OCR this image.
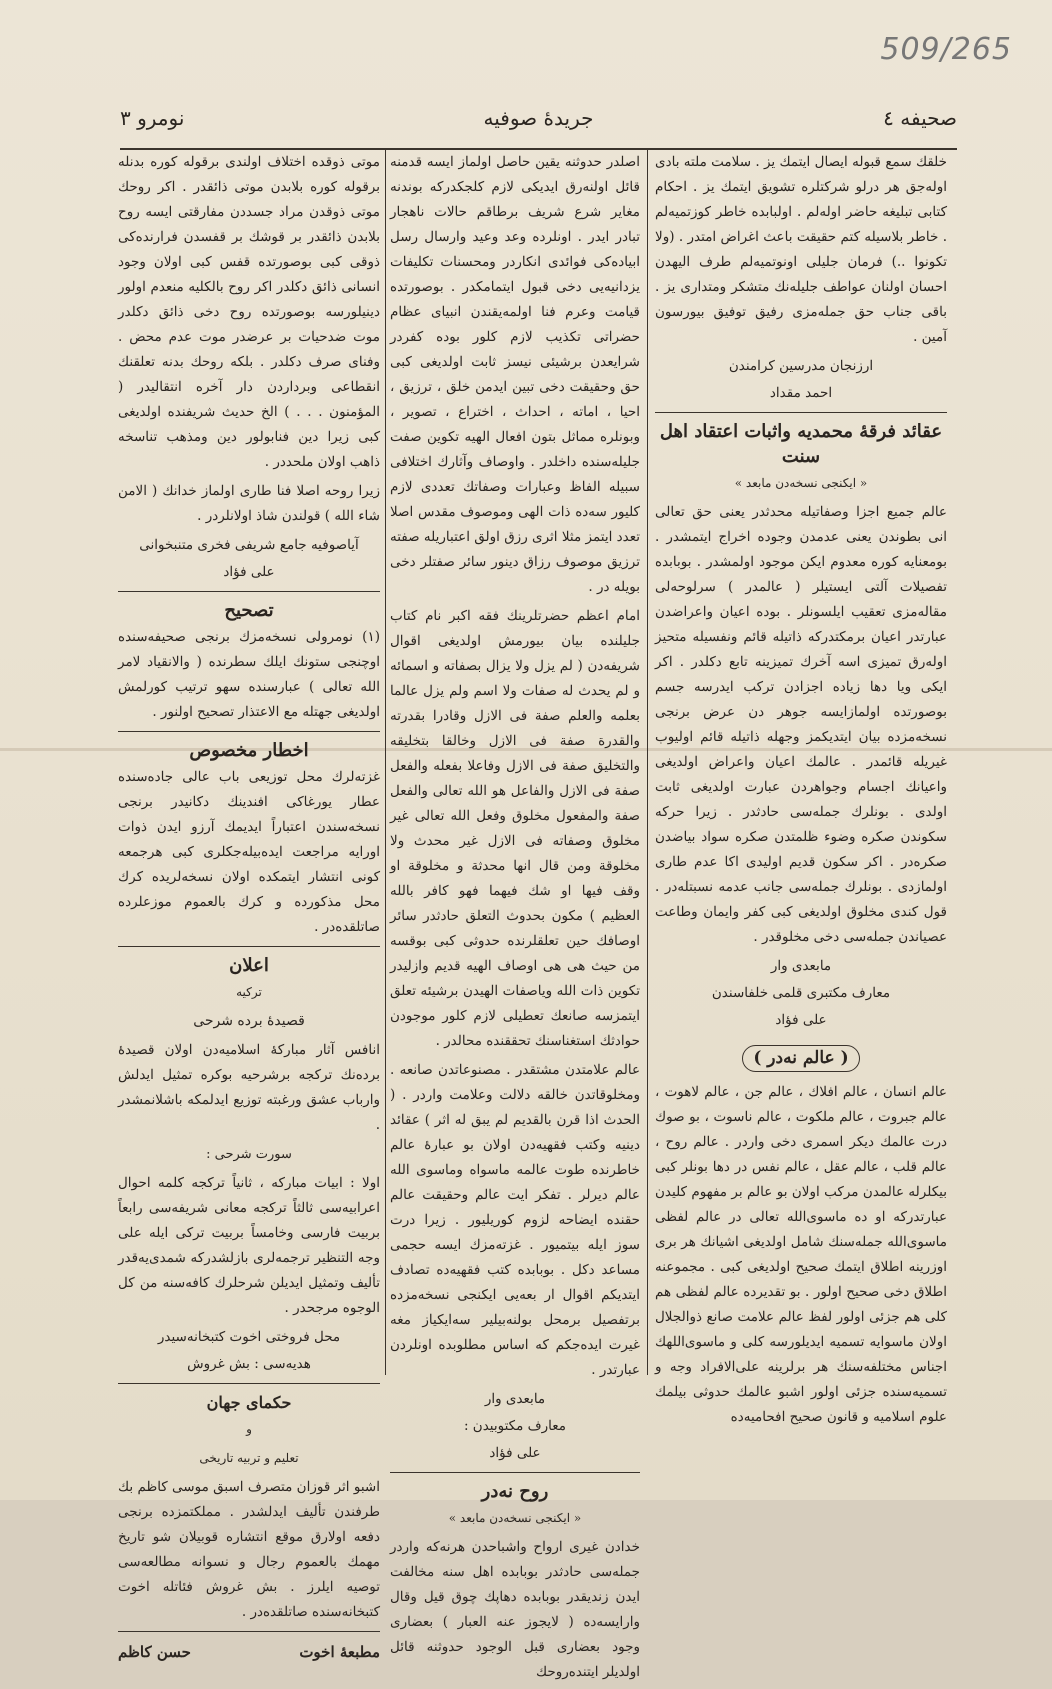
509/265
صحیفه ٤
جریدۀ صوفیه
نومرو ٣

خلقك سمع قبوله ایصال ایتمك یز . سلامت ملته بادی اوله‌جق هر درلو شرکتلره تشویق ایتمك یز . احکام کتابی تبلیغه حاضر اوله‌لم . اولبابده خاطر کوزتمیه‌لم . خاطر بلاسیله کتم حقیقت باعث اغراض امتدر . (ولا تکونوا ..) فرمان جلیلی اونوتمیه‌لم طرف الیهدن احسان اولنان عواطف جلیله‌نك متشکر ومتداری یز . باقی جناب حق جمله‌مزی رفیق توفیق بیورسون آمین .

ارزنجان مدرسین کرامندن
احمد مقداد
عقائد فرقۀ محمدیه واثبات اعتقاد اهل سنت
« ایکنجی نسخه‌دن مابعد »

عالم جمیع اجزا وصفاتیله محدثدر یعنی حق تعالی انی بطوندن یعنی عدمدن وجوده اخراج ایتمشدر . بومعنایه کوره معدوم ایکن موجود اولمشدر . بوبابده تفصیلات آلتی ایستیلر ( عالمدر ) سرلوحه‌لی مقاله‌مزی تعقیب ایلسونلر . بوده اعیان واعراضدن عبارتدر اعیان برمکتدرکه ذاتیله قائم ونفسیله متحیز اوله‌رق تمیزی اسه آخرك تمیزینه تابع دکلدر . اکر ایکی ویا دها زیاده اجزادن ترکب ایدرسه جسم بوصورتده اولمازایسه جوهر دن عرض برنجی نسخه‌مزده بیان ایتدیکمز وجهله ذاتیله قائم اولیوب غیریله قائمدر . عالمك اعیان واعراض اولدیغی واعیانك اجسام وجواهردن عبارت اولدیغی ثابت اولدی . بونلرك جمله‌سی حادثدر . زیرا حرکه سکوندن صکره وضوء ظلمتدن صکره سواد بیاضدن صکره‌در . اکر سکون قدیم اولیدی اکا عدم طاری اولمازدی . بونلرك جمله‌سی جانب عدمه نسبتله‌در . قول کندی مخلوق اولدیغی کبی کفر وایمان وطاعت عصیاندن جمله‌سی دخی مخلوقدر .

مابعدی وار
معارف مکتبری قلمی خلفاسندن
علی فؤاد
( عالم نه‌در )

عالم انسان ، عالم افلاك ، عالم جن ، عالم لاهوت ، عالم جبروت ، عالم ملکوت ، عالم ناسوت ، بو صوك درت عالمك دیکر اسمری دخی واردر . عالم روح ، عالم قلب ، عالم عقل ، عالم نفس در دها بونلر کبی بیکلرله عالمدن مرکب اولان بو عالم بر مفهوم کلیدن عبارتدرکه او ده ماسوی‌الله تعالی در عالم لفظی ماسوی‌الله جمله‌سنك شامل اولدیغی اشیانك هر بری اوزرینه اطلاق ایتمك صحیح اولدیغی کبی . مجموعنه اطلاق دخی صحیح اولور . بو تقدیرده عالم لفظی هم کلی هم جزئی اولور لفظ عالم علامت صانع ذوالجلال اولان ماسوایه تسمیه ایدیلورسه کلی و ماسوی‌اللهك اجناس مختلفه‌سنك هر برلرینه علی‌الافراد وجه و تسمیه‌سنده جزئی اولور اشبو عالمك حدوثی بیلمك علوم اسلامیه و قانون صحیح افحامیه‌ده

اصلدر حدوثنه یقین حاصل اولماز ایسه قدمنه قائل اولنه‌رق ایدیکی لازم کلجکدرکه بوندنه مغایر شرع شریف برطاقم حالات ناهجار تبادر ایدر . اونلرده وعد وعید وارسال رسل ابیاده‌کی فوائدی انکاردر ومحسنات تکلیفات یزدانیه‌یی دخی قبول ایتمامکدر . بوصورتده قیامت وعرم فنا اولمه‌یقندن انبیای عظام حضراتی تکذیب لازم کلور بوده کفردر شرایعدن برشیئی نیسز ثابت اولدیغی کبی حق وحقیقت دخی تبین ایدمن خلق ، ترزیق ، احیا ، اماته ، احداث ، اختراع ، تصویر ، وبونلره مماثل بتون افعال الهیه تکوین صفت جلیله‌سنده داخلدر . واوصاف وآثارك اختلافی سبیله الفاظ وعبارات وصفاتك تعددی لازم کلیور سه‌ده ذات الهی وموصوف مقدس اصلا تعدد ایتمز مثلا اثری رزق اولق اعتباریله صفته ترزیق موصوف رزاق دینور سائر صفتلر دخی بویله در .

امام اعظم حضرتلرینك فقه اکبر نام کتاب جلیلنده بیان بیورمش اولدیغی اقوال شریفه‌دن ( لم یزل ولا یزال بصفاته و اسمائه و لم یحدث له صفات ولا اسم ولم یزل عالما بعلمه والعلم صفة فی الازل وقادرا بقدرته والقدرة صفة فی الازل وخالقا بتخلیقه والتخلیق صفة فی الازل وفاعلا بفعله والفعل صفة فی الازل والفاعل هو الله تعالی والفعل صفة والمفعول مخلوق وفعل الله تعالی غیر مخلوق وصفاته فی الازل غیر محدث ولا مخلوقة ومن قال انها محدثة و مخلوقة او وقف فیها او شك فیهما فهو کافر بالله العظیم ) مکون بحدوث التعلق حادثدر سائر اوصافك حین تعلقلرنده حدوثی کبی بوقسه من حیث هی هی اوصاف الهیه قدیم وازلیدر تکوین ذات الله ویاصفات الهیدن برشیئه تعلق ایتمزسه صانعك تعطیلی لازم کلور موجودن حوادثك استغناسنك تحققنده محالدر .

عالم علامتدن مشتقدر . مصنوعاتدن صانعه . ومخلوقاتدن خالقه دلالت وعلامت واردر . ( الحدث اذا قرن بالقدیم لم یبق له اثر ) عقائد دینیه وکتب فقهیه‌دن اولان بو عبارهٔ عالم خاطرنده طوت عالمه ماسواه وماسوی الله عالم دیرلر . تفکر ایت عالم وحقیقت عالم حقنده ایضاحه لزوم کوریلیور . زیرا درت سوز ایله بیتمیور . غزته‌مزك ایسه حجمی مساعد دکل . بوبابده کتب فقهیه‌ده تصادف ایتدیکم اقوال ار بعه‌یی ایکنجی نسخه‌مزده برتفصیل برمحل بولنه‌بیلیر سه‌ایکیاز مغه غیرت ایده‌جکم که اساس مطلوبده اونلردن عبارتدر .

مابعدی وار
معارف مکتوبیدن :
علی فؤاد
روح نه‌در
« ایکنجی نسخه‌دن مابعد »

خدادن غیری ارواح واشباحدن هرنه‌که واردر جمله‌سی حادثدر بوبابده اهل سنه مخالفت ایدن زندیقدر بوبابده دهاپك چوق قیل وقال وارایسه‌ده ( لایجوز عنه العبار ) بعضاری وجود بعضاری قبل الوجود حدوثنه قائل اولدیلر ایتنده‌روحك

موتی ذوقده اختلاف اولندی برقوله کوره بدنله برقوله کوره بلابدن موتی ذائقدر . اکر روحك موتی ذوقدن مراد جسددن مفارقتی ایسه روح بلابدن ذائقدر بر قوشك بر قفسدن فرارنده‌کی ذوقی کبی بوصورتده قفس کبی اولان وجود انسانی ذائق دکلدر اکر روح بالکلیه منعدم اولور دینیلورسه بوصورتده روح دخی ذائق دکلدر موت ضدحیات بر عرضدر موت عدم محض . وفنای صرف دکلدر . بلکه روحك بدنه تعلقنك انقطاعی وبرداردن دار آخره انتقالیدر ( المؤمنون . . . ) الخ حدیث شریفنده اولدیغی کبی زیرا دین فنابولور دین ومذهب تناسخه ذاهب اولان ملحددر .

زیرا روحه اصلا فنا طاری اولماز خدانك ( الامن شاء الله ) قولندن شاذ اولانلردر .

آیاصوفیه جامع شریفی فخری متنبخوانی
علی فؤاد
تصحیح

(١) نومرولی نسخه‌مزك برنجی صحیفه‌سنده اوچنجی ستونك ایلك سطرنده ( والانقیاد لامر الله تعالی ) عبارسنده سهو ترتیب کورلمش اولدیغی جهتله مع الاعتذار تصحیح اولنور .

اخطار مخصوص

غزته‌لرك محل توزیعی باب عالی جاده‌سنده عطار یورغاکی افندینك دکانیدر برنجی نسخه‌سندن اعتباراً ایدیمك آرزو ایدن ذوات اورایه مراجعت ایده‌بیله‌جکلری کبی هرجمعه کونی انتشار ایتمکده اولان نسخه‌لریده کرك محل مذکورده و کرك بالعموم موزعلرده صاتلقده‌در .

اعلان
ترکیه
قصیدۀ برده شرحی

انافس آثار مبارکۀ اسلامیه‌دن اولان قصیدۀ برده‌نك ترکجه برشرحیه بوکره تمثیل ایدلش وارباب عشق ورغبته توزیع ایدلمکه باشلانمشدر .

سورت شرحی :

اولا : ابیات مبارکه ، ثانیاً ترکجه کلمه احوال اعرابیه‌سی ثالثاً ترکجه معانی شریفه‌سی رابعاً بربیت فارسی وخامساً بربیت ترکی ایله علی وجه التنظیر ترجمه‌لری بازلشدرکه شمدی‌یه‌قدر تألیف وتمثیل ایدیلن شرحلرك کافه‌سنه من کل الوجوه مرجحدر .

محل فروختی اخوت کتبخانه‌سیدر
هدیه‌سی : بش غروش
حکمای جهان
و
تعلیم و تربیه تاریخی

اشبو اثر قوزان متصرف اسبق موسی کاظم بك طرفندن تألیف ایدلشدر . مملکتمزده برنجی دفعه اولارق موقع انتشاره قوبیلان شو تاریخ مهمك بالعموم رجال و نسوانه مطالعه‌سی توصیه ایلرز . بش غروش فئاتله اخوت کتبخانه‌سنده صاتلقده‌در .

مطبعۀ اخوت
حسن کاظم
